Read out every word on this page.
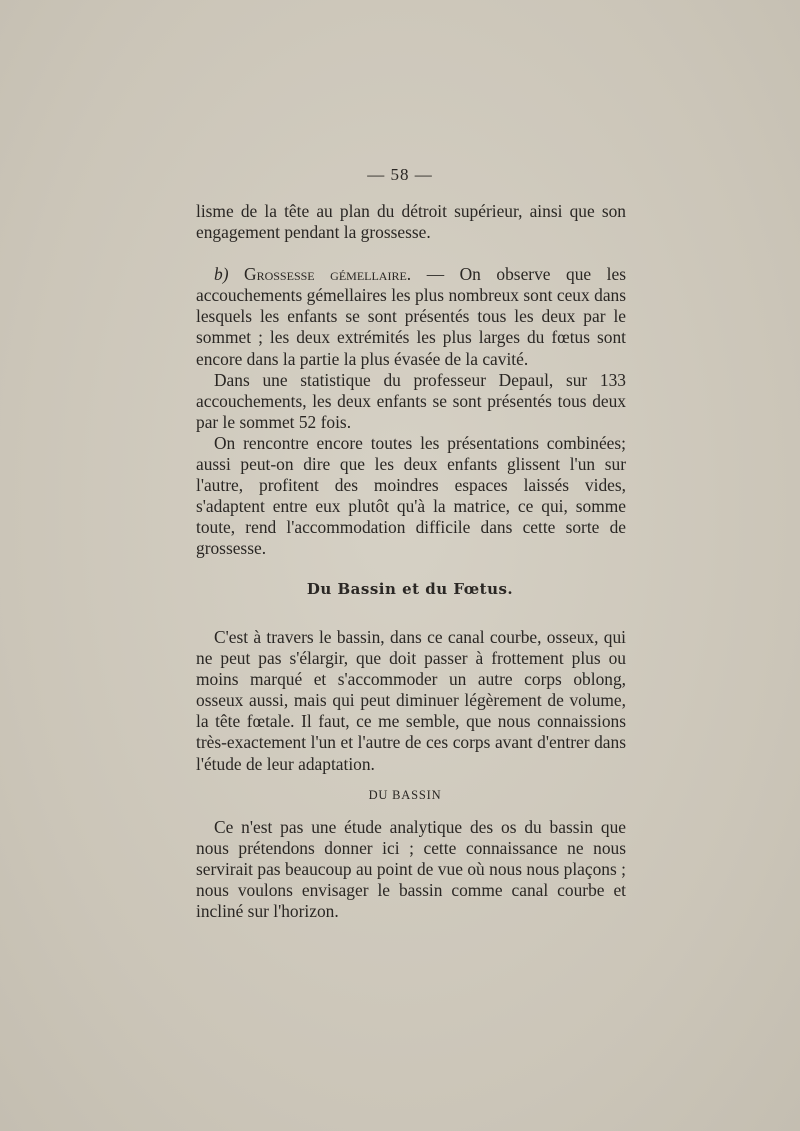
— 58 —

lisme de la tête au plan du détroit supérieur, ainsi que son engagement pendant la grossesse.

b) Grossesse gémellaire. — On observe que les accouchements gémellaires les plus nombreux sont ceux dans lesquels les enfants se sont présentés tous les deux par le sommet ; les deux extrémités les plus larges du fœtus sont encore dans la partie la plus évasée de la cavité.

Dans une statistique du professeur Depaul, sur 133 accouchements, les deux enfants se sont présentés tous deux par le sommet 52 fois.

On rencontre encore toutes les présentations combinées; aussi peut-on dire que les deux enfants glissent l'un sur l'autre, profitent des moindres espaces laissés vides, s'adaptent entre eux plutôt qu'à la matrice, ce qui, somme toute, rend l'accommodation difficile dans cette sorte de grossesse.

Du Bassin et du Fœtus.

C'est à travers le bassin, dans ce canal courbe, osseux, qui ne peut pas s'élargir, que doit passer à frottement plus ou moins marqué et s'accommoder un autre corps oblong, osseux aussi, mais qui peut diminuer légèrement de volume, la tête fœtale. Il faut, ce me semble, que nous connaissions très-exactement l'un et l'autre de ces corps avant d'entrer dans l'étude de leur adaptation.

DU BASSIN

Ce n'est pas une étude analytique des os du bassin que nous prétendons donner ici ; cette connaissance ne nous servirait pas beaucoup au point de vue où nous nous plaçons ; nous voulons envisager le bassin comme canal courbe et incliné sur l'horizon.
